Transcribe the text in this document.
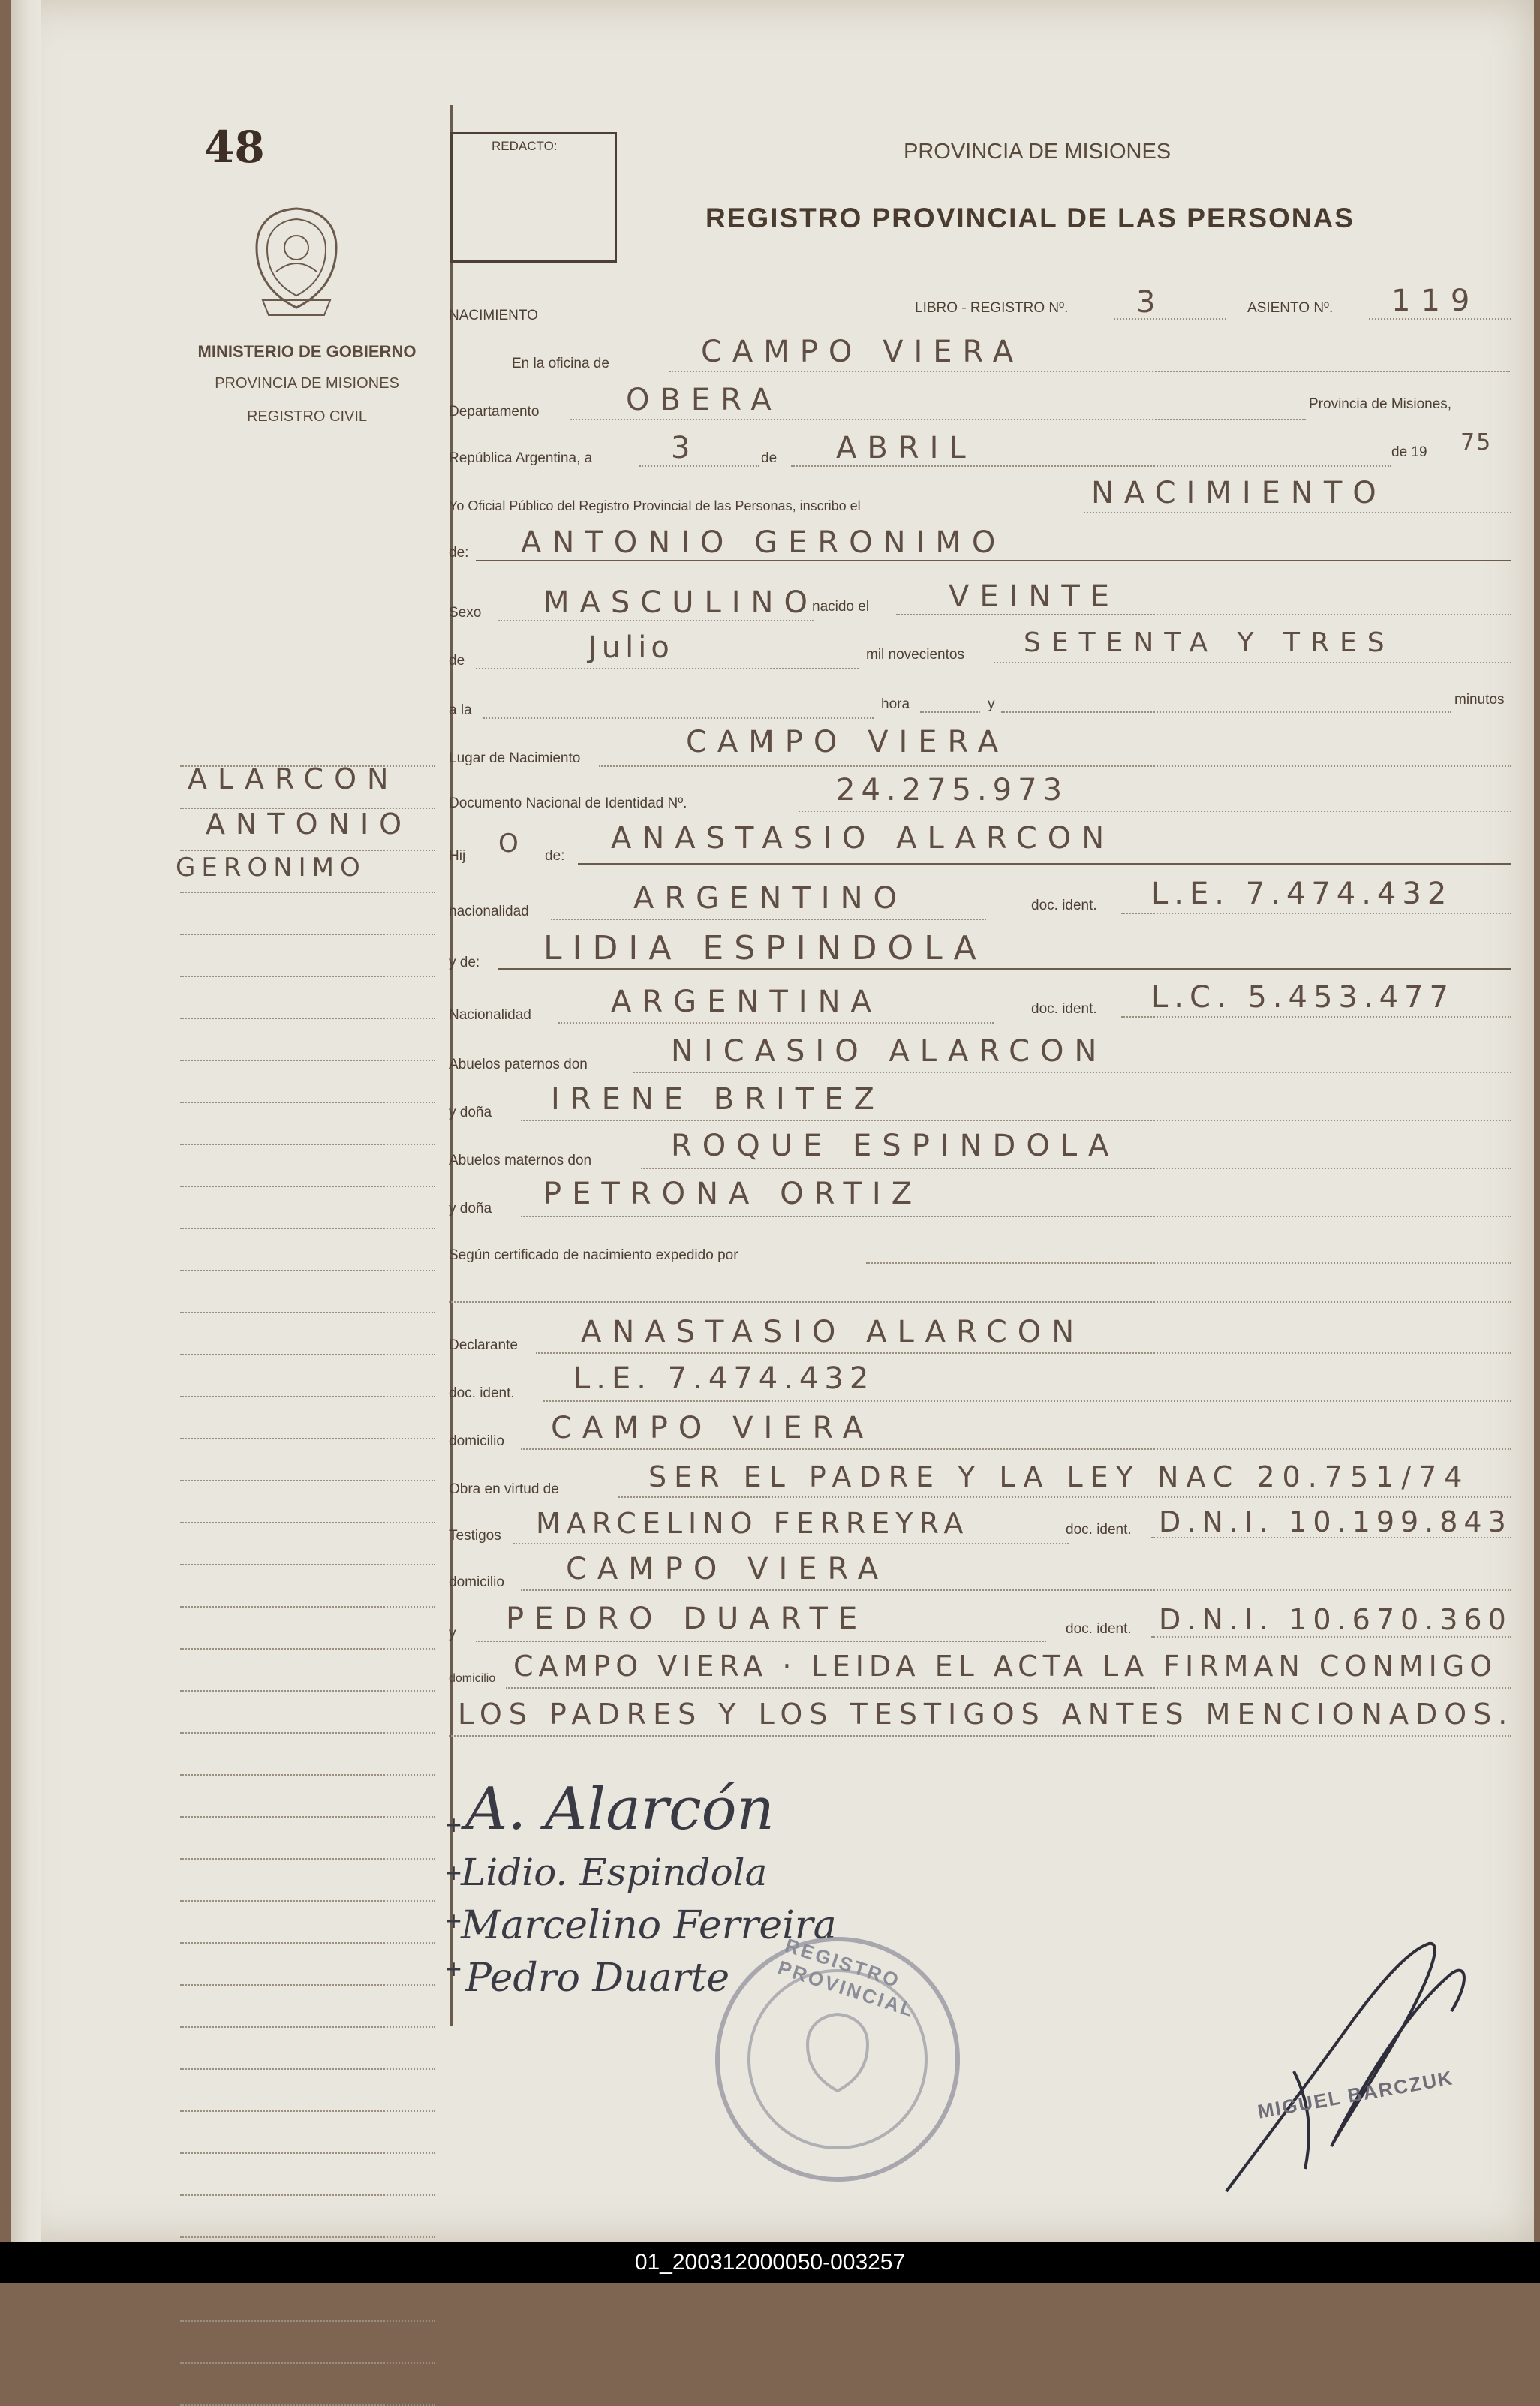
48
MINISTERIO DE GOBIERNO
PROVINCIA DE MISIONES
REGISTRO CIVIL
ALARCON
ANTONIO
GERONIMO
REDACTO:	PROVINCIA DE MISIONES
REGISTRO PROVINCIAL DE LAS PERSONAS
NACIMIENTO	LIBRO - REGISTRO Nº. 3	ASIENTO Nº. 119
En la oficina de	CAMPO VIERA
Departamento	OBERA	Provincia de Misiones,
República Argentina, a	3	de ABRIL	de 19 75
Yo Oficial Público del Registro Provincial de las Personas, inscribo el	NACIMIENTO
de: ANTONIO GERONIMO
Sexo MASCULINO
nacido el	VEINTE
de	Julio	mil novecientos SETENTA Y TRES
a la	hora	y	minutos
Lugar de Nacimiento	CAMPO VIERA
Documento Nacional de Identidad Nº.	24.275.973
Hij O de:
ANASTASIO ALARCON
nacionalidad	ARGENTINO	doc. ident. L.E. 7.474.432
y de: LIDIA ESPINDOLA
Nacionalidad	ARGENTINA	doc. ident. L.C. 5.453.477
Abuelos paternos don	NICASIO ALARCON
y doña IRENE BRITEZ
Abuelos maternos don	ROQUE ESPINDOLA
y doña PETRONA ORTIZ
Según certificado de nacimiento expedido por
Declarante ANASTASIO ALARCON
doc. ident. L.E. 7.474.432
domicilio CAMPO VIERA
Obra en virtud de	SER EL PADRE Y LA LEY NAC 20.751/74
Testigos MARCELINO FERREYRA	doc. ident. D.N.I. 10.199.843
domicilio CAMPO VIERA
y PEDRO DUARTE	doc. ident. D.N.I. 10.670.360
domicilio CAMPO VIERA · LEIDA EL ACTA LA FIRMAN CONMIGO
LOS PADRES Y LOS TESTIGOS ANTES MENCIONADOS.
A. Alarcón
Lidio. Espindola
Marcelino Ferreira
Pedro Duarte
+
+
+
+	REGISTRO PROVINCIAL
MIGUEL BARCZUK
01_200312000050-003257
